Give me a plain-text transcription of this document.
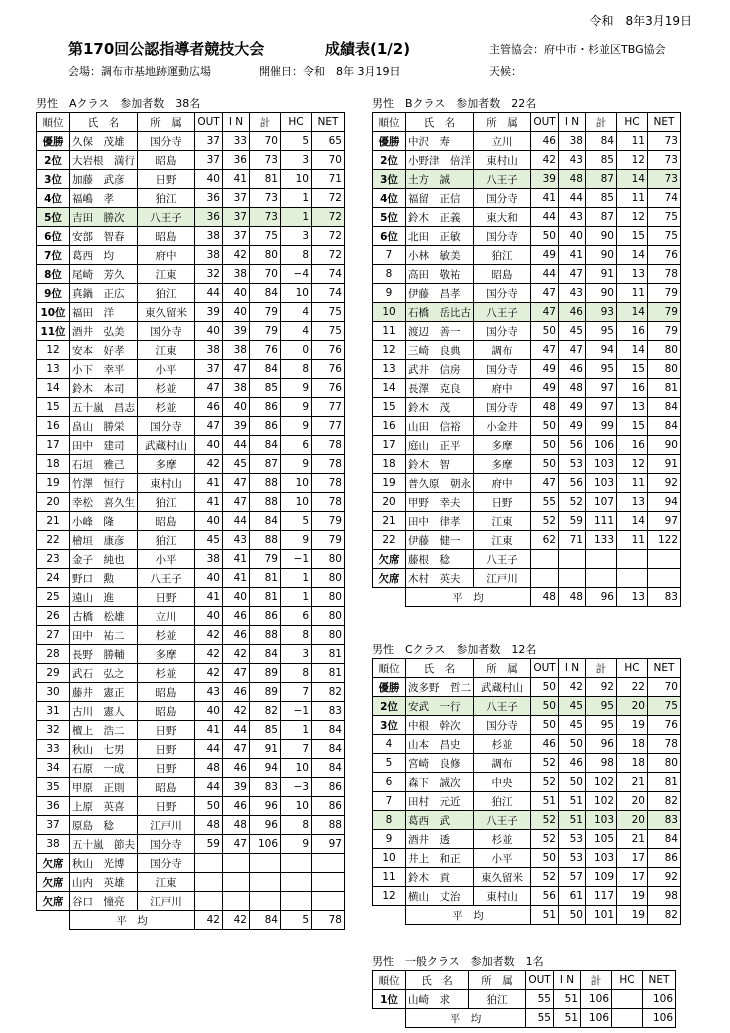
令和　8年3月19日
第170回公認指導者競技大会	成績表(1/2)	主管協会：府中市・杉並区TBG協会
会場：調布市基地跡運動広場	開催日：令和　8年 3月19日	天候：
男性　Aクラス　参加者数　38名
順位	氏　名	所　属	OUT	I N	計	HC	NET
優勝	久保　茂雄	国分寺	37	33	70	5	65
2位	大岩根　満行	昭島	37	36	73	3	70
3位	加藤　武彦	日野	40	41	81	10	71
4位	福嶋　孝	狛江	36	37	73	1	72
5位	吉田　勝次	八王子	36	37	73	1	72
6位	安部　智春	昭島	38	37	75	3	72
7位	葛西　均	府中	38	42	80	8	72
8位	尾崎　芳久	江東	32	38	70	−4	74
9位	真鍋　正広	狛江	44	40	84	10	74
10位	福田　洋	東久留米	39	40	79	4	75
11位	酒井　弘美	国分寺	40	39	79	4	75
12	安本　好孝	江東	38	38	76	0	76
13	小下　幸平	小平	37	47	84	8	76
14	鈴木　本司	杉並	47	38	85	9	76
15	五十嵐　昌志	杉並	46	40	86	9	77
16	畠山　勝栄	国分寺	47	39	86	9	77
17	田中　建司	武蔵村山	40	44	84	6	78
18	石垣　雅己	多摩	42	45	87	9	78
19	竹澤　恒行	東村山	41	47	88	10	78
20	幸松　喜久生	狛江	41	47	88	10	78
21	小峰　隆	昭島	40	44	84	5	79
22	檜垣　康彦	狛江	45	43	88	9	79
23	金子　純也	小平	38	41	79	−1	80
24	野口　勲	八王子	40	41	81	1	80
25	遠山　進	日野	41	40	81	1	80
26	古橋　松雄	立川	40	46	86	6	80
27	田中　祐二	杉並	42	46	88	8	80
28	長野　勝輔	多摩	42	42	84	3	81
29	武石　弘之	杉並	42	47	89	8	81
30	藤井　憲正	昭島	43	46	89	7	82
31	古川　憲人	昭島	40	42	82	−1	83
32	檀上　浩二	日野	41	44	85	1	84
33	秋山　七男	日野	44	47	91	7	84
34	石原　一成	日野	48	46	94	10	84
35	甲原　正則	昭島	44	39	83	−3	86
36	上原　英喜	日野	50	46	96	10	86
37	原島　稔	江戸川	48	48	96	8	88
38	五十嵐　節夫	国分寺	59	47	106	9	97
欠席	秋山　光博	国分寺					
欠席	山内　英雄	江東					
欠席	谷口　憧亮	江戸川					
	平　均		42	42	84	5	78
男性　Bクラス　参加者数　22名
順位	氏　名	所　属	OUT	I N	計	HC	NET
優勝	中沢　寿	立川	46	38	84	11	73
2位	小野津　倍洋	東村山	42	43	85	12	73
3位	土方　誠	八王子	39	48	87	14	73
4位	福留　正信	国分寺	41	44	85	11	74
5位	鈴木　正義	東大和	44	43	87	12	75
6位	北田　正敏	国分寺	50	40	90	15	75
7	小林　敏美	狛江	49	41	90	14	76
8	高田　敬祐	昭島	44	47	91	13	78
9	伊藤　昌孝	国分寺	47	43	90	11	79
10	石橋　岳比古	八王子	47	46	93	14	79
11	渡辺　善一	国分寺	50	45	95	16	79
12	三崎　良典	調布	47	47	94	14	80
13	武井　信房	国分寺	49	46	95	15	80
14	長澤　克良	府中	49	48	97	16	81
15	鈴木　茂	国分寺	48	49	97	13	84
16	山田　信裕	小金井	50	49	99	15	84
17	庭山　正平	多摩	50	56	106	16	90
18	鈴木　智	多摩	50	53	103	12	91
19	普久原　朝永	府中	47	56	103	11	92
20	甲野　幸夫	日野	55	52	107	13	94
21	田中　律孝	江東	52	59	111	14	97
22	伊藤　健一	江東	62	71	133	11	122
欠席	藤根　稔	八王子					
欠席	木村　英夫	江戸川					
	平　均		48	48	96	13	83
男性　Cクラス　参加者数　12名
順位	氏　名	所　属	OUT	I N	計	HC	NET
優勝	波多野　哲二	武蔵村山	50	42	92	22	70
2位	安武　一行	八王子	50	45	95	20	75
3位	中根　幹次	国分寺	50	45	95	19	76
4	山本　昌史	杉並	46	50	96	18	78
5	宮崎　良修	調布	52	46	98	18	80
6	森下　誠次	中央	52	50	102	21	81
7	田村　元近	狛江	51	51	102	20	82
8	葛西　武	八王子	52	51	103	20	83
9	酒井　透	杉並	52	53	105	21	84
10	井上　和正	小平	50	53	103	17	86
11	鈴木　貢	東久留米	52	57	109	17	92
12	横山　丈治	東村山	56	61	117	19	98
	平　均		51	50	101	19	82
男性　一般クラス　参加者数　1名
順位	氏　名	所　属	OUT	I N	計	HC	NET
1位	山崎　求	狛江	55	51	106		106
	平　均		55	51	106		106
